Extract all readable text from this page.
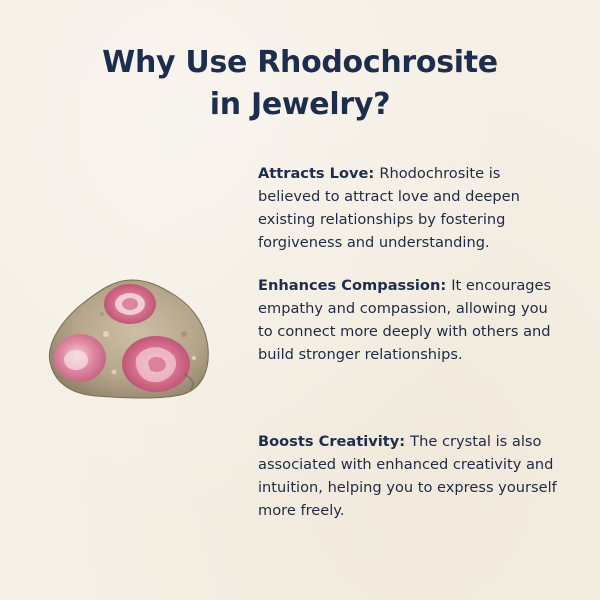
Why Use Rhodochrosite
in Jewelry?
Attracts Love: Rhodochrosite is believed to attract love and deepen existing relationships by fostering forgiveness and understanding.
Enhances Compassion: It encourages empathy and compassion, allowing you to connect more deeply with others and build stronger relationships.
Boosts Creativity: The crystal is also associated with enhanced creativity and intuition, helping you to express yourself more freely.
